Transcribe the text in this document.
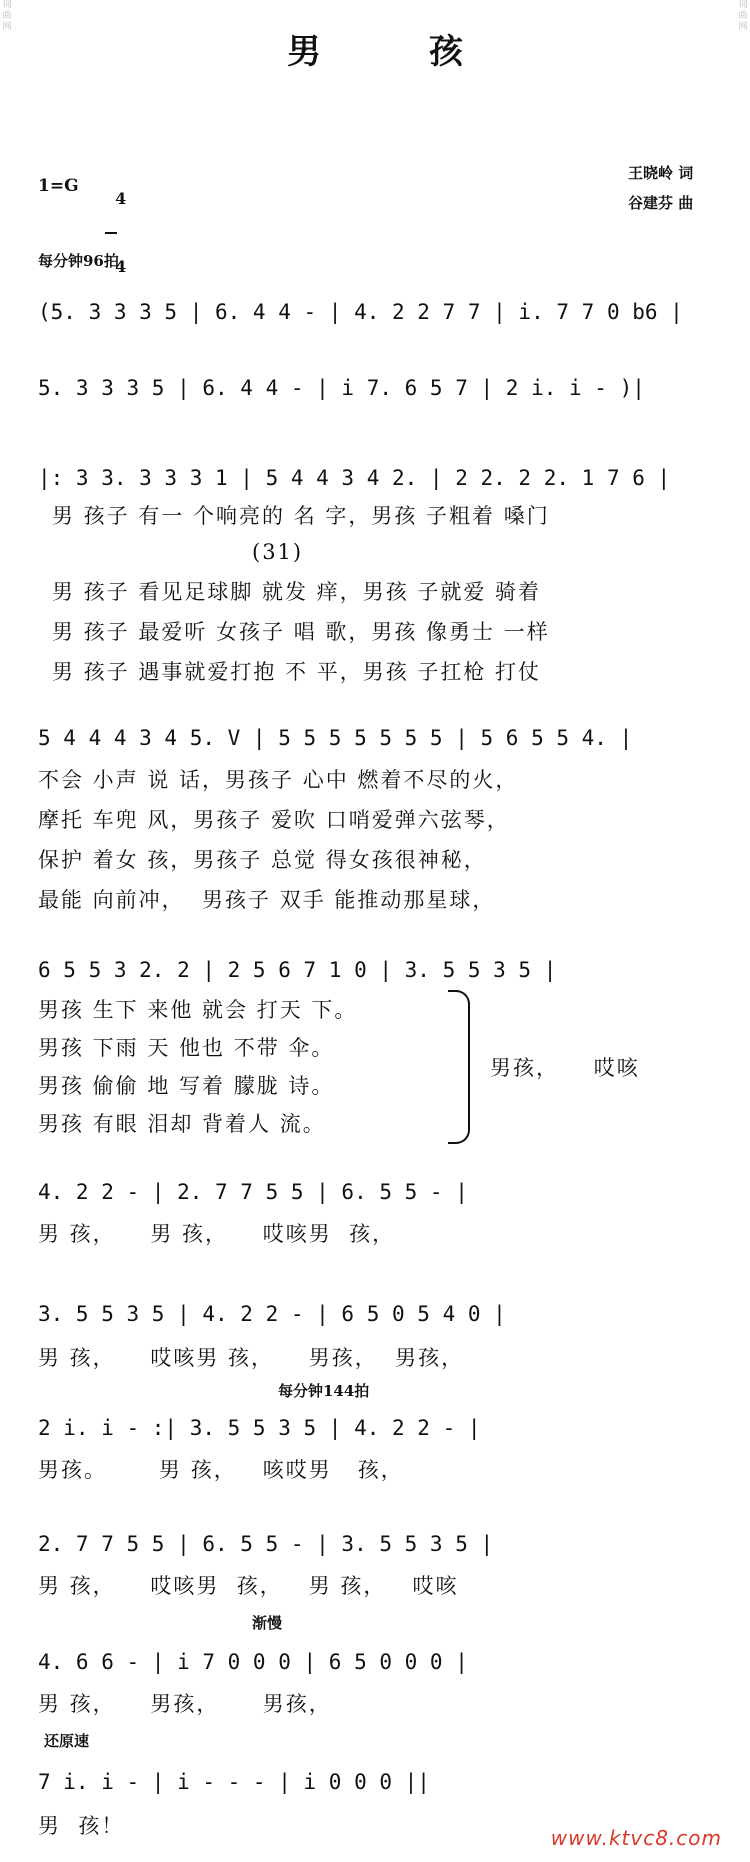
词曲网
词曲网
男 孩
1=G

4

4

王晓岭 词
谷建芬 曲
每分钟96拍
(5. 3 3 3 5 | 6. 4 4 - | 4. 2 2 7 7 | i. 7 7 0 b6 |
5. 3 3 3 5 | 6. 4 4 - | i 7. 6 5 7 | 2 i. i - )|
|: 3 3. 3 3 3 1 | 5 4 4 3 4 2. | 2 2. 2 2. 1 7 6 |
男 孩子 有一 个响亮的 名 字，男孩 子粗着 嗓门
(31)
男 孩子 看见足球脚 就发 痒，男孩 子就爱 骑着
男 孩子 最爱听 女孩子 唱 歌，男孩 像勇士 一样
男 孩子 遇事就爱打抱 不 平，男孩 子扛枪 打仗
5 4 4 4 3 4 5. V | 5 5 5 5 5 5 5 | 5 6 5 5 4. |
不会 小声 说 话，男孩子 心中 燃着不尽的火，
摩托 车兜 风，男孩子 爱吹 口哨爱弹六弦琴，
保护 着女 孩，男孩子 总觉 得女孩很神秘，
最能 向前冲，  男孩子 双手 能推动那星球，
6 5 5 3 2. 2 | 2 5 6 7 1 0 | 3. 5 5 3 5 |
男孩 生下 来他 就会 打天 下。
男孩 下雨 天 他也 不带 伞。
男孩 偷偷 地 写着 朦胧 诗。
男孩 有眼 泪却 背着人 流。
男孩，    哎咳
4. 2 2 - | 2. 7 7 5 5 | 6. 5 5 - |
男 孩，    男 孩，    哎咳男  孩，
3. 5 5 3 5 | 4. 2 2 - | 6 5 0 5 4 0 |
男 孩，    哎咳男 孩，    男孩，  男孩，
每分钟144拍
2 i. i - :| 3. 5 5 3 5 | 4. 2 2 - |
男孩。      男 孩，   咳哎男   孩，
2. 7 7 5 5 | 6. 5 5 - | 3. 5 5 3 5 |
男 孩，    哎咳男  孩，   男 孩，   哎咳
渐慢
4. 6 6 - | i 7 0 0 0 | 6 5 0 0 0 |
男 孩，    男孩，     男孩，
还原速
7 i. i - | i - - - | i 0 0 0 ||
男  孩！	www.ktvc8.com
